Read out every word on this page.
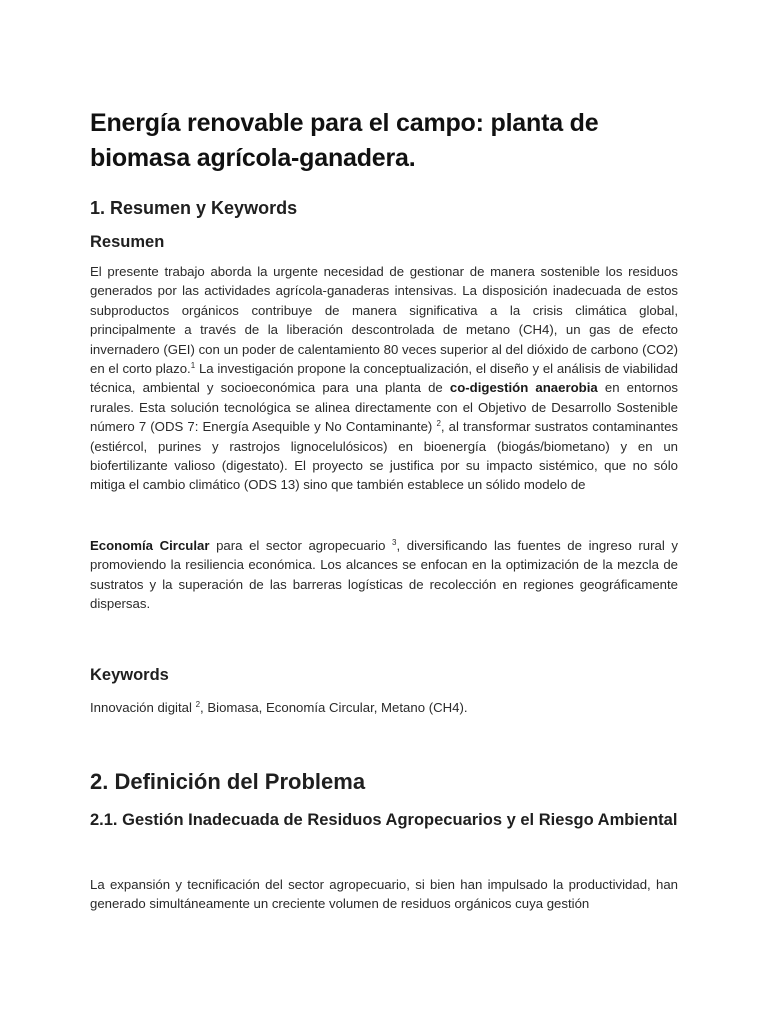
Energía renovable para el campo: planta de biomasa agrícola-ganadera.
1. Resumen y Keywords
Resumen

El presente trabajo aborda la urgente necesidad de gestionar de manera sostenible los residuos generados por las actividades agrícola-ganaderas intensivas. La disposición inadecuada de estos subproductos orgánicos contribuye de manera significativa a la crisis climática global, principalmente a través de la liberación descontrolada de metano (CH4), un gas de efecto invernadero (GEI) con un poder de calentamiento 80 veces superior al del dióxido de carbono (CO2) en el corto plazo.$^1$ La investigación propone la conceptualización, el diseño y el análisis de viabilidad técnica, ambiental y socioeconómica para una planta de co-digestión anaerobia en entornos rurales. Esta solución tecnológica se alinea directamente con el Objetivo de Desarrollo Sostenible número 7 (ODS 7: Energía Asequible y No Contaminante) $^2$, al transformar sustratos contaminantes (estiércol, purines y rastrojos lignocelulósicos) en bioenergía (biogás/biometano) y en un biofertilizante valioso (digestato). El proyecto se justifica por su impacto sistémico, que no sólo mitiga el cambio climático (ODS 13) sino que también establece un sólido modelo de

Economía Circular para el sector agropecuario $^3$, diversificando las fuentes de ingreso rural y promoviendo la resiliencia económica. Los alcances se enfocan en la optimización de la mezcla de sustratos y la superación de las barreras logísticas de recolección en regiones geográficamente dispersas.

Keywords

Innovación digital $^2$, Biomasa, Economía Circular, Metano (CH4).

2. Definición del Problema
2.1. Gestión Inadecuada de Residuos Agropecuarios y el Riesgo Ambiental

La expansión y tecnificación del sector agropecuario, si bien han impulsado la productividad, han generado simultáneamente un creciente volumen de residuos orgánicos cuya gestión
